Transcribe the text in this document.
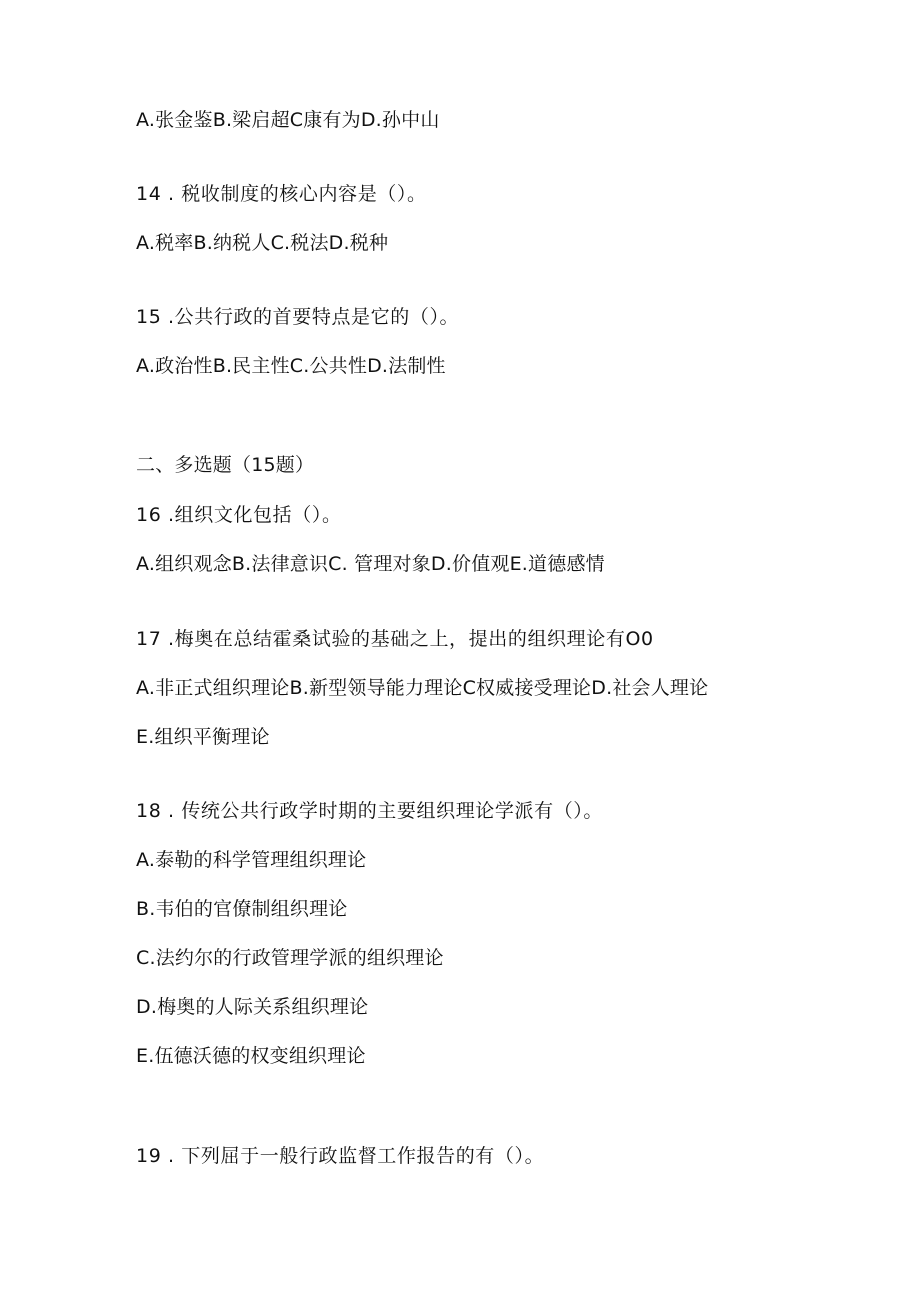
A.张金鉴B.梁启超C康有为D.孙中山
14 . 税收制度的核心内容是（）。
A.税率B.纳税人C.税法D.税种
15 .公共行政的首要特点是它的（）。
A.政治性B.民主性C.公共性D.法制性
二、多选题（15题）
16 .组织文化包括（）。
A.组织观念B.法律意识C. 管理对象D.价值观E.道德感情
17 .梅奥在总结霍桑试验的基础之上，提出的组织理论有O0
A.非正式组织理论B.新型领导能力理论C权威接受理论D.社会人理论
E.组织平衡理论
18 . 传统公共行政学时期的主要组织理论学派有（）。
A.泰勒的科学管理组织理论
B.韦伯的官僚制组织理论
C.法约尔的行政管理学派的组织理论
D.梅奥的人际关系组织理论
E.伍德沃德的权变组织理论
19 . 下列屈于一般行政监督工作报告的有（）。
